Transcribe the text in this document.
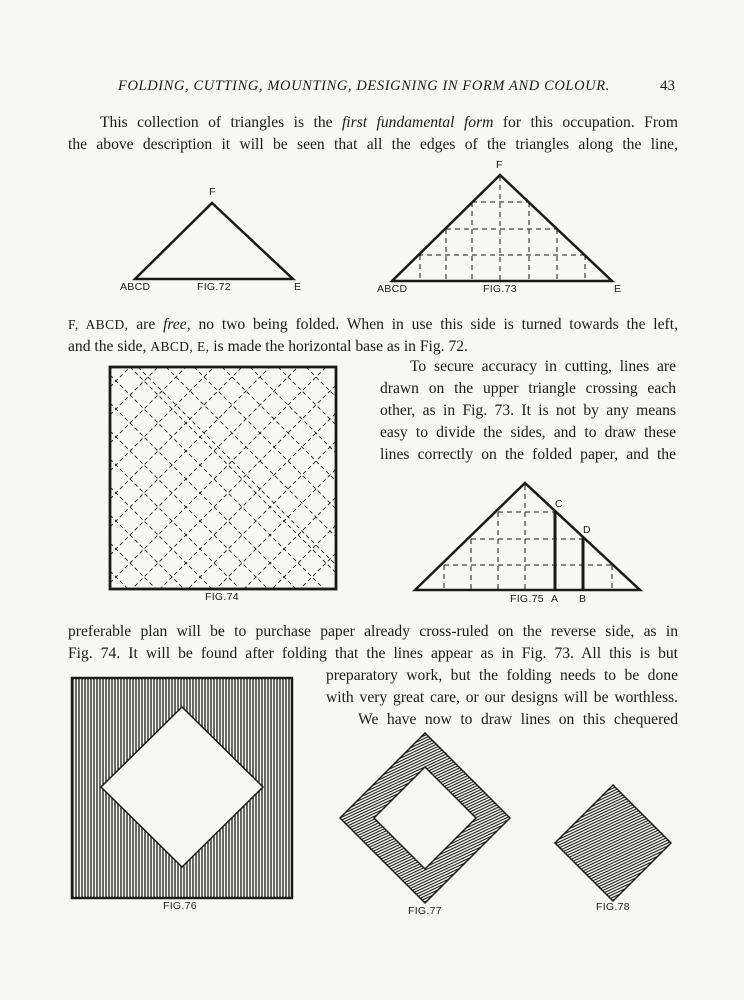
FOLDING, CUTTING, MOUNTING, DESIGNING IN FORM AND COLOUR.	43
This collection of triangles is the first fundamental form for this occupation. From
the above description it will be seen that all the edges of the triangles along the line,
F
ABCD	FIG.72	E
F
ABCD	FIG.73	E
FIG.74
C
D
FIG.75 A B
FIG.76	FIG.77	FIG.78
F, ABCD, are free, no two being folded. When in use this side is turned towards the left,
and the side, ABCD, E, is made the horizontal base as in Fig. 72.
To secure accuracy in cutting, lines are
drawn on the upper triangle crossing each
other, as in Fig. 73. It is not by any means
easy to divide the sides, and to draw these
lines correctly on the folded paper, and the
preferable plan will be to purchase paper already cross-ruled on the reverse side, as in
Fig. 74. It will be found after folding that the lines appear as in Fig. 73. All this is but
preparatory work, but the folding needs to be done
with very great care, or our designs will be worthless.
We have now to draw lines on this chequered
